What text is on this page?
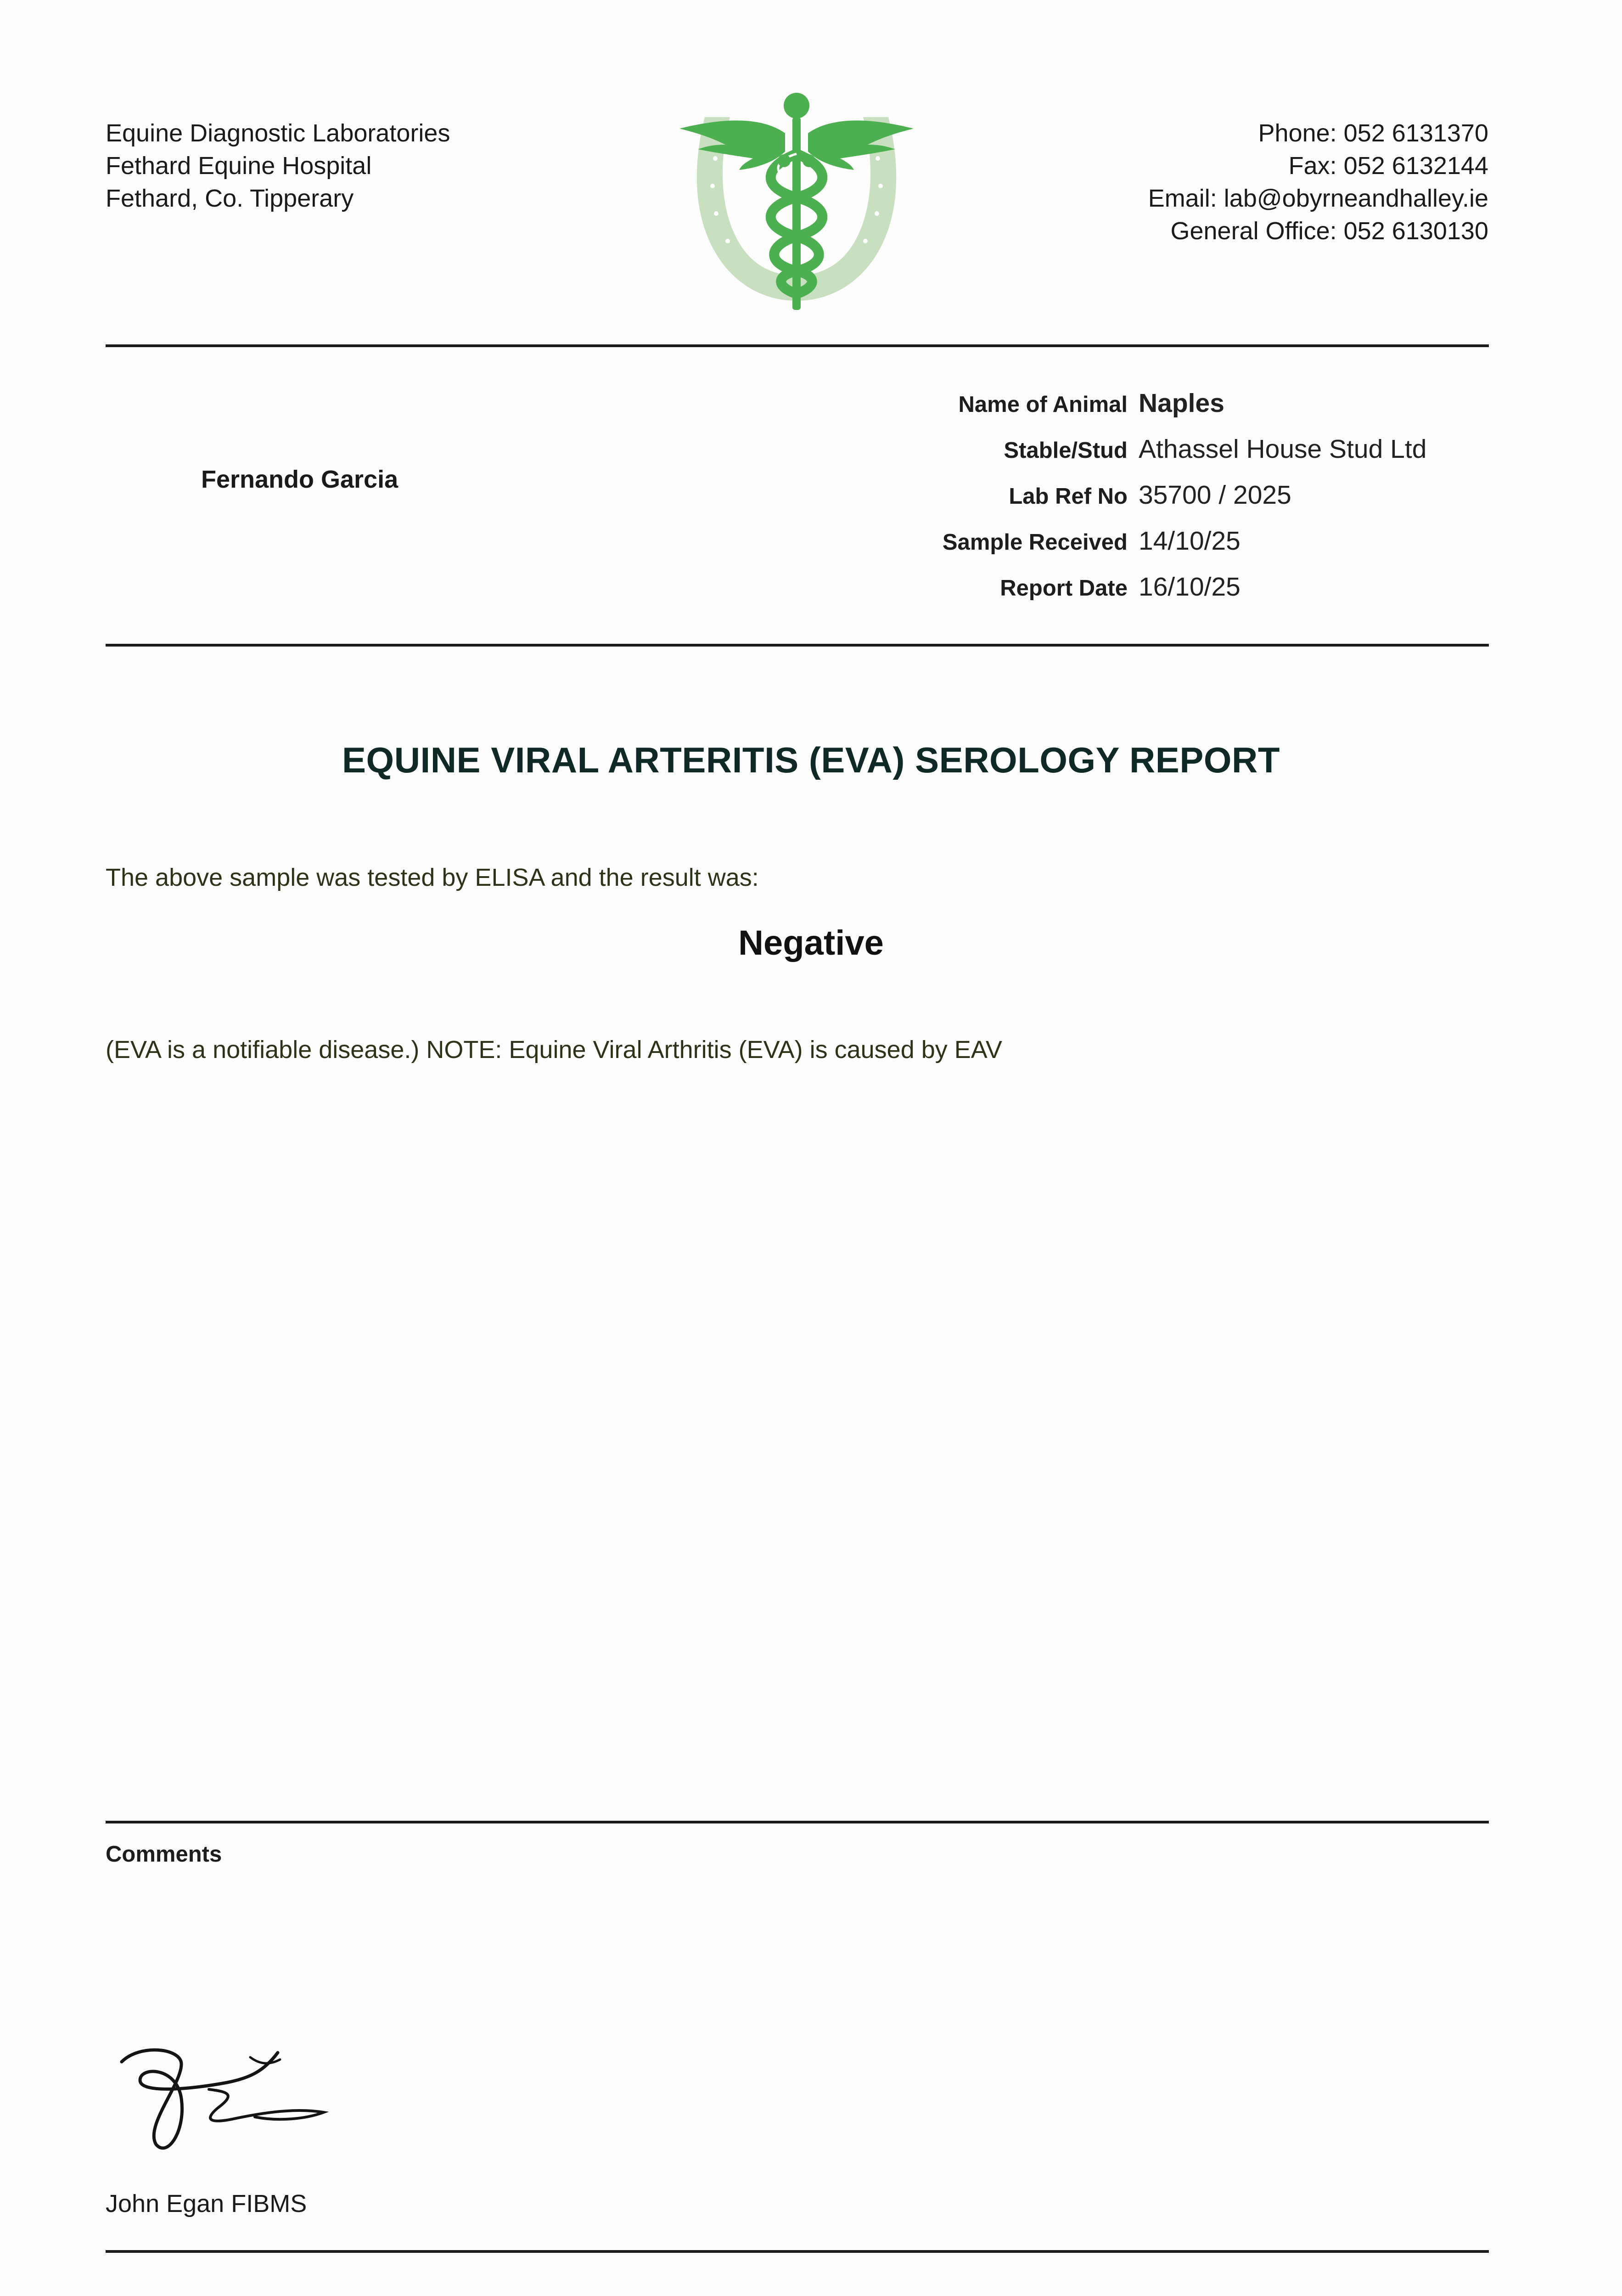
Equine Diagnostic Laboratories
Fethard Equine Hospital
Fethard, Co. Tipperary
Phone: 052 6131370
Fax: 052 6132144
Email: lab@obyrneandhalley.ie
General Office: 052 6130130
Fernando Garcia
Name of Animal Naples
Stable/Stud Athassel House Stud Ltd
Lab Ref No 35700 / 2025
Sample Received 14/10/25
Report Date 16/10/25
EQUINE VIRAL ARTERITIS (EVA) SEROLOGY REPORT
The above sample was tested by ELISA and the result was:
Negative
(EVA is a notifiable disease.) NOTE: Equine Viral Arthritis (EVA) is caused by EAV
Comments
John Egan FIBMS
